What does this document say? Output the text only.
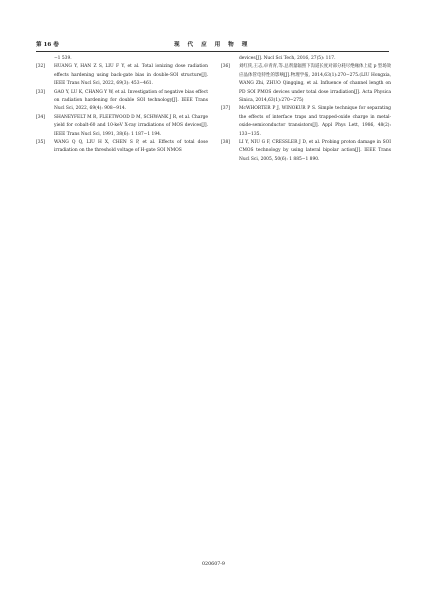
第 16 卷	现 代 应 用 物 理

−1 539.

[32] HUANG Y, HAN Z S, LIU F Y, et al. Total ionizing dose radiation effects hardening using back-gate bias in double-SOI structure[J]. IEEE Trans Nucl Sci, 2022, 69(3): 453−461.

[33] GAO Y, LU K, CHANG Y W, et al. Investigation of negative bias effect on radiation hardening for double SOI technology[J]. IEEE Trans Nucl Sci, 2022, 69(4): 908−914.

[34] SHANEYFELT M R, FLEETWOOD D M, SCHWANK J R, et al. Charge yield for cobalt-60 and 10-keV X-ray irradiations of MOS devices[J]. IEEE Trans Nucl Sci, 1991, 38(6): 1 187−1 194.

[35] WANG Q Q, LIU H X, CHEN S P, et al. Effects of total dose irradiation on the threshold voltage of H-gate SOI NMOS

devices[J]. Nucl Sci Tech, 2016, 27(5): 117.

[36] 刘红侠,王志,卓青青,等.总剂量辐照下沟道长度对部分耗尽绝缘体上硅 p 型场效应晶体管电特性的影响[J].物理学报, 2014,63(1):270−275.(LIU Hongxia, WANG Zhi, ZHUO Qingqing, et al. Influence of channel length on PD SOI PMOS devices under total dose irradiation[J]. Acta Physica Sinica, 2014,63(1):270−275)

[37] McWHORTER P J, WINOKUR P S. Simple technique for separating the effects of interface traps and trapped-oxide charge in metal-oxide-semiconductor transistors[J]. Appl Phys Lett, 1986, 48(2): 133−135.

[38] LI Y, NIU G F, CRESSLER J D, et al. Probing proton damage in SOI CMOS technology by using lateral bipolar action[J]. IEEE Trans Nucl Sci, 2005, 50(6): 1 885−1 890.

020607-9
